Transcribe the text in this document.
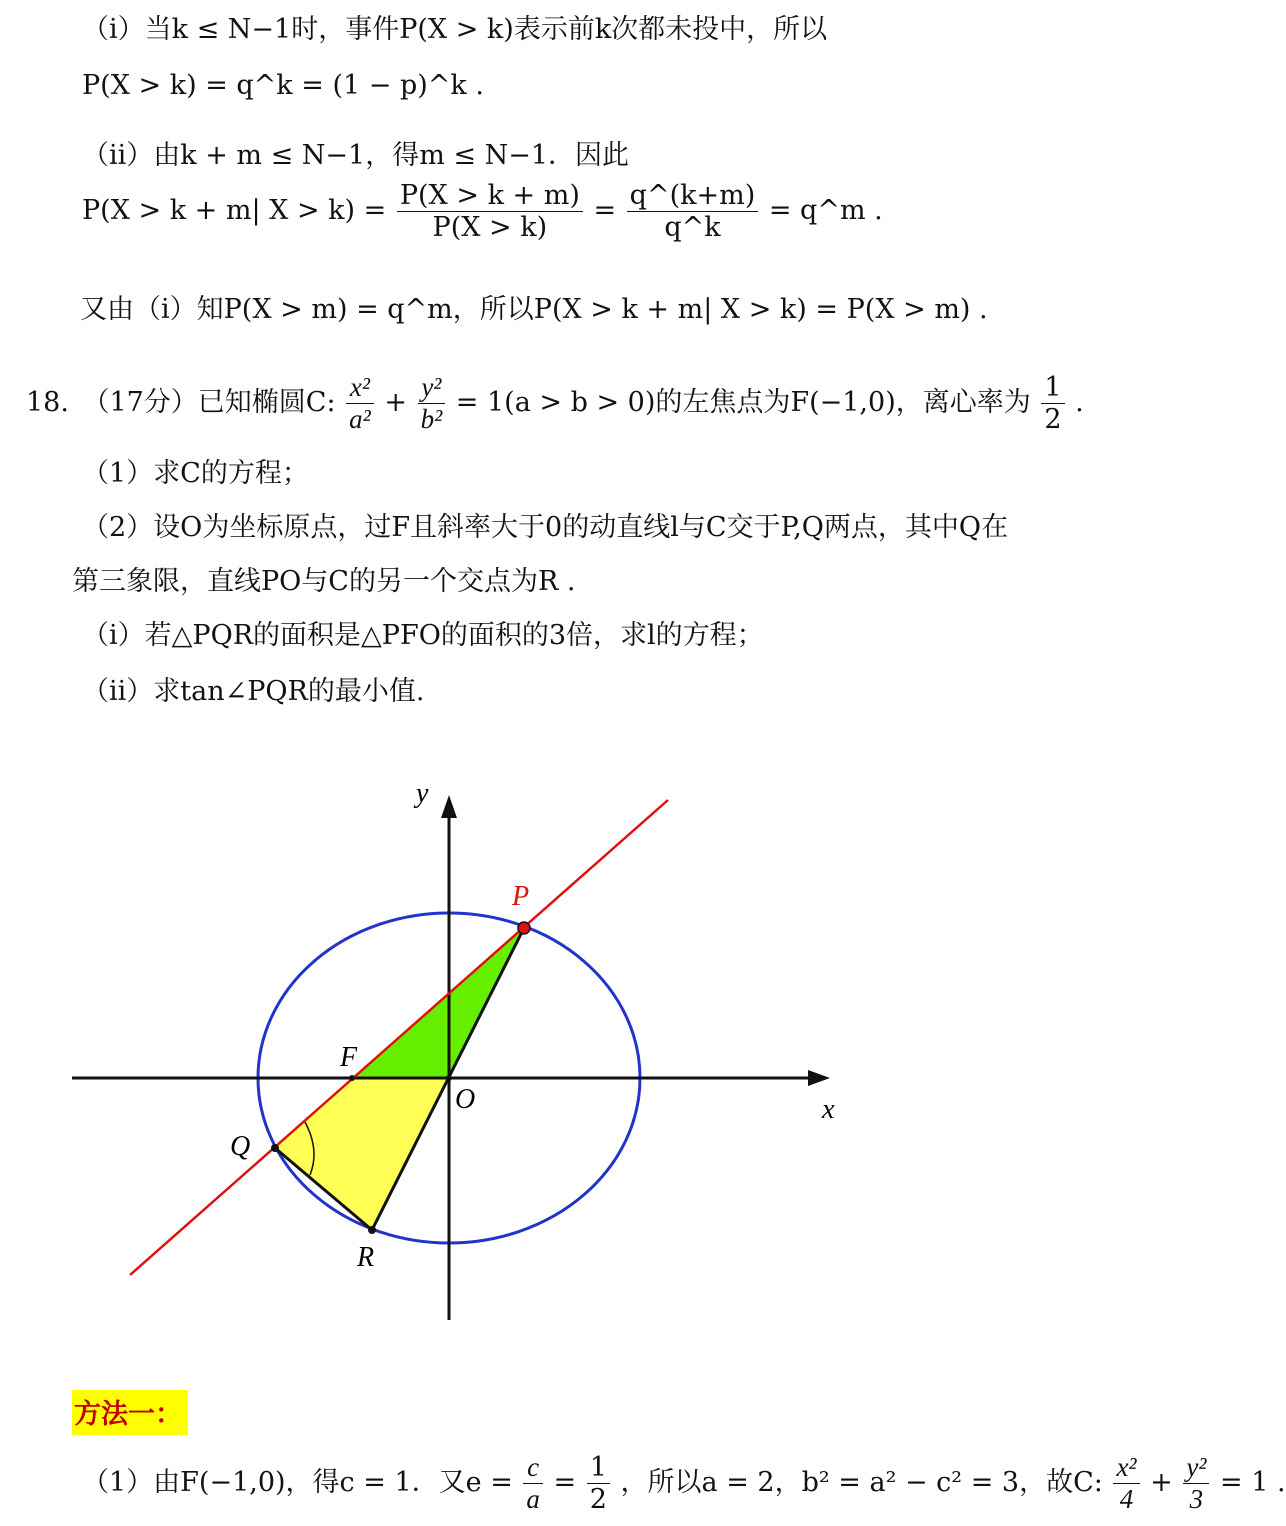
（i）当k ≤ N−1时，事件P(X > k)表示前k次都未投中，所以
P(X > k) = q^k = (1 − p)^k .
（ii）由k + m ≤ N−1，得m ≤ N−1．因此
P(X > k + m| $X > k) = \frac{P(X > k + m)}{P(X > k)} = \frac{q\^{}(k+m)}{q\^{}k}$ = q^m .
又由（i）知P(X > m) = q^m，所以P(X > k + m| X > k) = P(X > m) .
18.　（17分）已知椭圆C: $\frac{\text{x²}}{\text{a²}} + \frac{\text{y²}}{\text{b²}} = 1(a > b > 0)$的左焦点为F(−1,0)，离心率为 $\frac{1}{2}$ .
（1）求C的方程；
（2）设O为坐标原点，过F且斜率大于0的动直线l与C交于P,Q两点，其中Q在
第三象限，直线PO与C的另一个交点为R .
（i）若△PQR的面积是△PFO的面积的3倍，求l的方程；
（ii）求tan∠PQR的最小值.
y
x
P
F
O
Q
R
方法一：
（1）由F(−1,0)，得c = 1．又$e = \frac{c}{a} = \frac{1}{2}$ ，所以a = 2，b² = a² − c² = 3，故C: $\frac{\text{x²}}{4} + \frac{\text{y²}}{3} = 1$ .
